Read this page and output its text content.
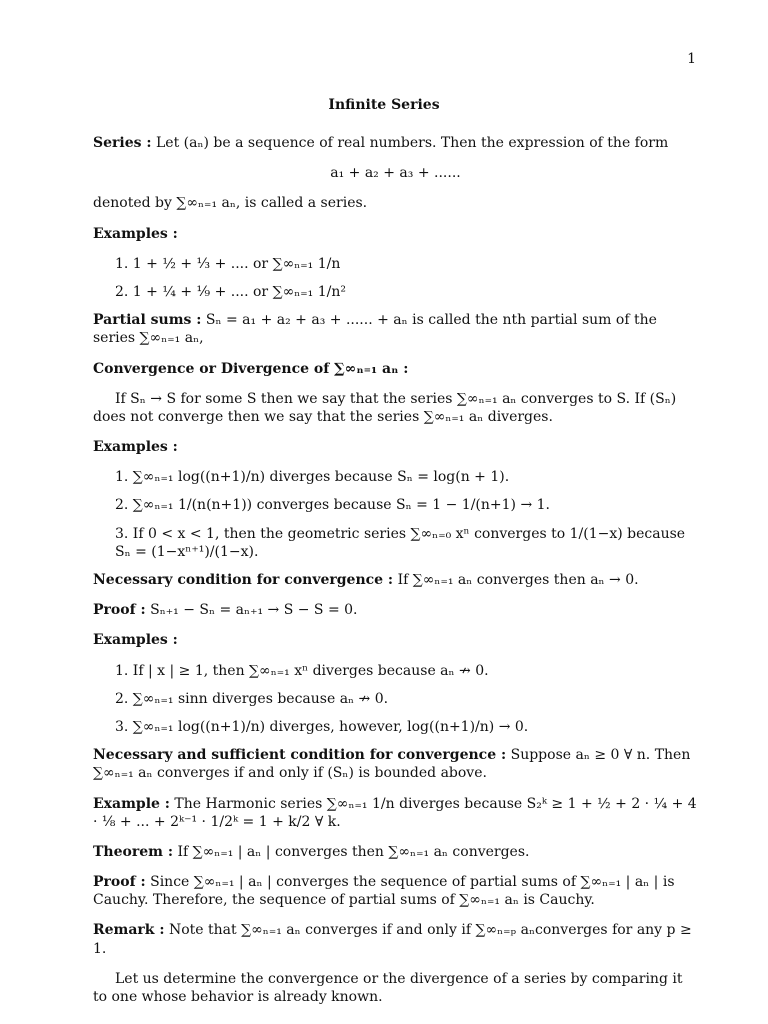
1
Infinite Series

Series : Let (aₙ) be a sequence of real numbers. Then the expression of the form

a₁ + a₂ + a₃ + ......

denoted by ∑∞ₙ₌₁ aₙ, is called a series.

Examples :

1. 1 + ½ + ⅓ + .... or ∑∞ₙ₌₁ 1/n
2. 1 + ¼ + ⅑ + .... or ∑∞ₙ₌₁ 1/n²

Partial sums : Sₙ = a₁ + a₂ + a₃ + ...... + aₙ is called the nth partial sum of the series ∑∞ₙ₌₁ aₙ,

Convergence or Divergence of ∑∞ₙ₌₁ aₙ :

If Sₙ → S for some S then we say that the series ∑∞ₙ₌₁ aₙ converges to S. If (Sₙ) does not converge then we say that the series ∑∞ₙ₌₁ aₙ diverges.

Examples :

1. ∑∞ₙ₌₁ log((n+1)/n) diverges because Sₙ = log(n + 1).
2. ∑∞ₙ₌₁ 1/(n(n+1)) converges because Sₙ = 1 − 1/(n+1) → 1.
3. If 0 < x < 1, then the geometric series ∑∞ₙ₌₀ xⁿ converges to 1/(1−x) because Sₙ = (1−xⁿ⁺¹)/(1−x).

Necessary condition for convergence : If ∑∞ₙ₌₁ aₙ converges then aₙ → 0.

Proof : Sₙ₊₁ − Sₙ = aₙ₊₁ → S − S = 0.

Examples :

1. If | x | ≥ 1, then ∑∞ₙ₌₁ xⁿ diverges because aₙ ↛ 0.
2. ∑∞ₙ₌₁ sinn diverges because aₙ ↛ 0.
3. ∑∞ₙ₌₁ log((n+1)/n) diverges, however, log((n+1)/n) → 0.

Necessary and sufficient condition for convergence : Suppose aₙ ≥ 0 ∀ n. Then ∑∞ₙ₌₁ aₙ converges if and only if (Sₙ) is bounded above.

Example : The Harmonic series ∑∞ₙ₌₁ 1/n diverges because S₂ᵏ ≥ 1 + ½ + 2 · ¼ + 4 · ⅛ + ... + 2ᵏ⁻¹ · 1/2ᵏ = 1 + k/2 ∀ k.

Theorem : If ∑∞ₙ₌₁ | aₙ | converges then ∑∞ₙ₌₁ aₙ converges.

Proof : Since ∑∞ₙ₌₁ | aₙ | converges the sequence of partial sums of ∑∞ₙ₌₁ | aₙ | is Cauchy. Therefore, the sequence of partial sums of ∑∞ₙ₌₁ aₙ is Cauchy.

Remark : Note that ∑∞ₙ₌₁ aₙ converges if and only if ∑∞ₙ₌ₚ aₙconverges for any p ≥ 1.

Let us determine the convergence or the divergence of a series by comparing it to one whose behavior is already known.
